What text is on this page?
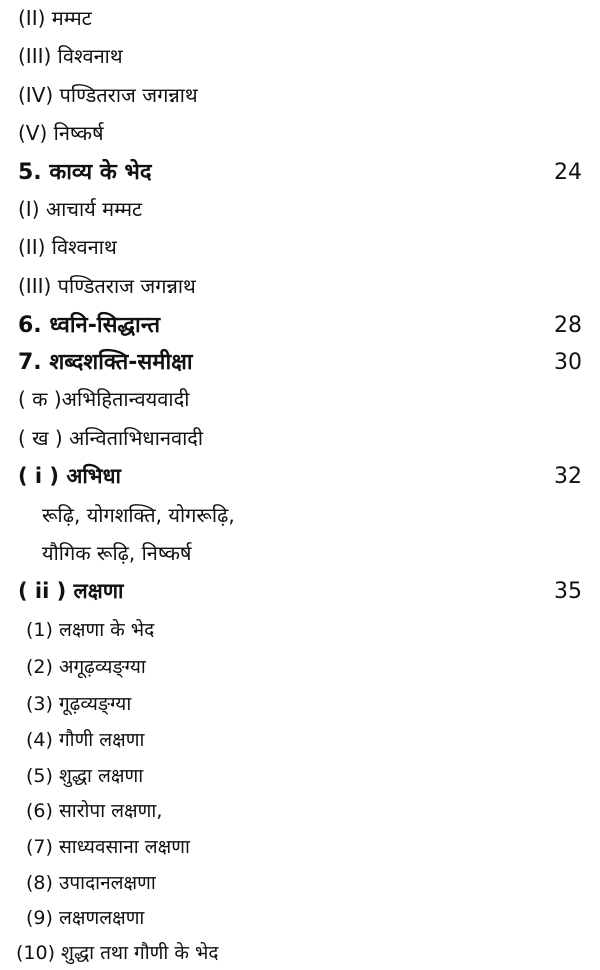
(II) मम्मट
(III) विश्वनाथ
(IV) पण्डितराज जगन्नाथ
(V) निष्कर्ष
5. काव्य के भेद	24
(I) आचार्य मम्मट
(II) विश्वनाथ
(III) पण्डितराज जगन्नाथ
6. ध्वनि-सिद्धान्त	28
7. शब्दशक्ति-समीक्षा	30
( क )अभिहितान्वयवादी
( ख ) अन्विताभिधानवादी
( i ) अभिधा	32
रूढ़ि, योगशक्ति, योगरूढ़ि,
यौगिक रूढ़ि, निष्कर्ष
( ii ) लक्षणा	35
(1) लक्षणा के भेद
(2) अगूढ़व्यङ्ग्या
(3) गूढ़व्यङ्ग्या
(4) गौणी लक्षणा
(5) शुद्धा लक्षणा
(6) सारोपा लक्षणा,
(7) साध्यवसाना लक्षणा
(8) उपादानलक्षणा
(9) लक्षणलक्षणा
(10) शुद्धा तथा गौणी के भेद
